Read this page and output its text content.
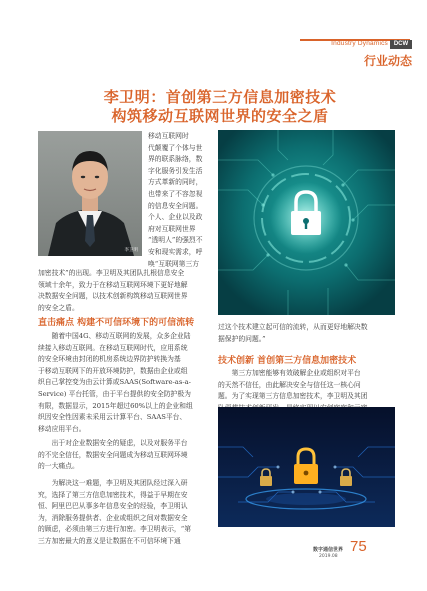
Industry Dynamics DCW
行业动态
李卫明：首创第三方信息加密技术
构筑移动互联网世界的安全之盾
李卫明
移动互联网时
代颠覆了个体与世
界的联系脉络，数
字化服务引发生活
方式革新的同时，
也带来了不容忽视
的信息安全问题。
个人、企业以及政
府对互联网世界
“透明人”的强烈不
安和现实需求，呼
唤“互联网第三方
加密技术”的出现。李卫明及其团队扎根信息安全
领域十余年，致力于在移动互联网环境下更好地解
决数据安全问题，以技术创新构筑移动互联网世界
的安全之盾。
直击痛点 构建不可信环境下的可信流转
　　随着中国4G、移动互联网的发展，众多企业陆
续接入移动互联网。在移动互联网时代，应用系统
的安全环境由封闭的机房系统边界防护转换为基
于移动互联网下的开放环境防护，数据由企业或组
织自己掌控变为由云计算或SAAS(Software-as-a-
Service) 平台托管，由于平台提供的安全防护极为
有限，数据显示，2015年超过60%以上的企业和组
织因安全性因素未采用云计算平台、SAAS平台、
移动应用平台。
　　出于对企业数据安全的疑虑，以及对服务平台
的不完全信任，数据安全问题成为移动互联网环境
的一大痛点。
　　为解决这一难题，李卫明及其团队经过深入研
究，选择了第三方信息加密技术，得益于早期在安
恒、阿里巴巴从事多年信息安全的经验，李卫明认
为，消除服务提供者、企业或组织之间对数据安全
的顾虑，必须由第三方进行加密。李卫明表示，“第
三方加密最大的意义是让数据在不可信环境下通
过这个技术建立起可信的流转，从而更好地解决数
据保护的问题。”
技术创新 首创第三方信息加密技术
　　第三方加密能够有效破解企业或组织对平台
的天然不信任，由此解决安全与信任这一核心问
题。为了实现第三方信息加密技术，李卫明及其团
数字通信世界
2019.08
75
